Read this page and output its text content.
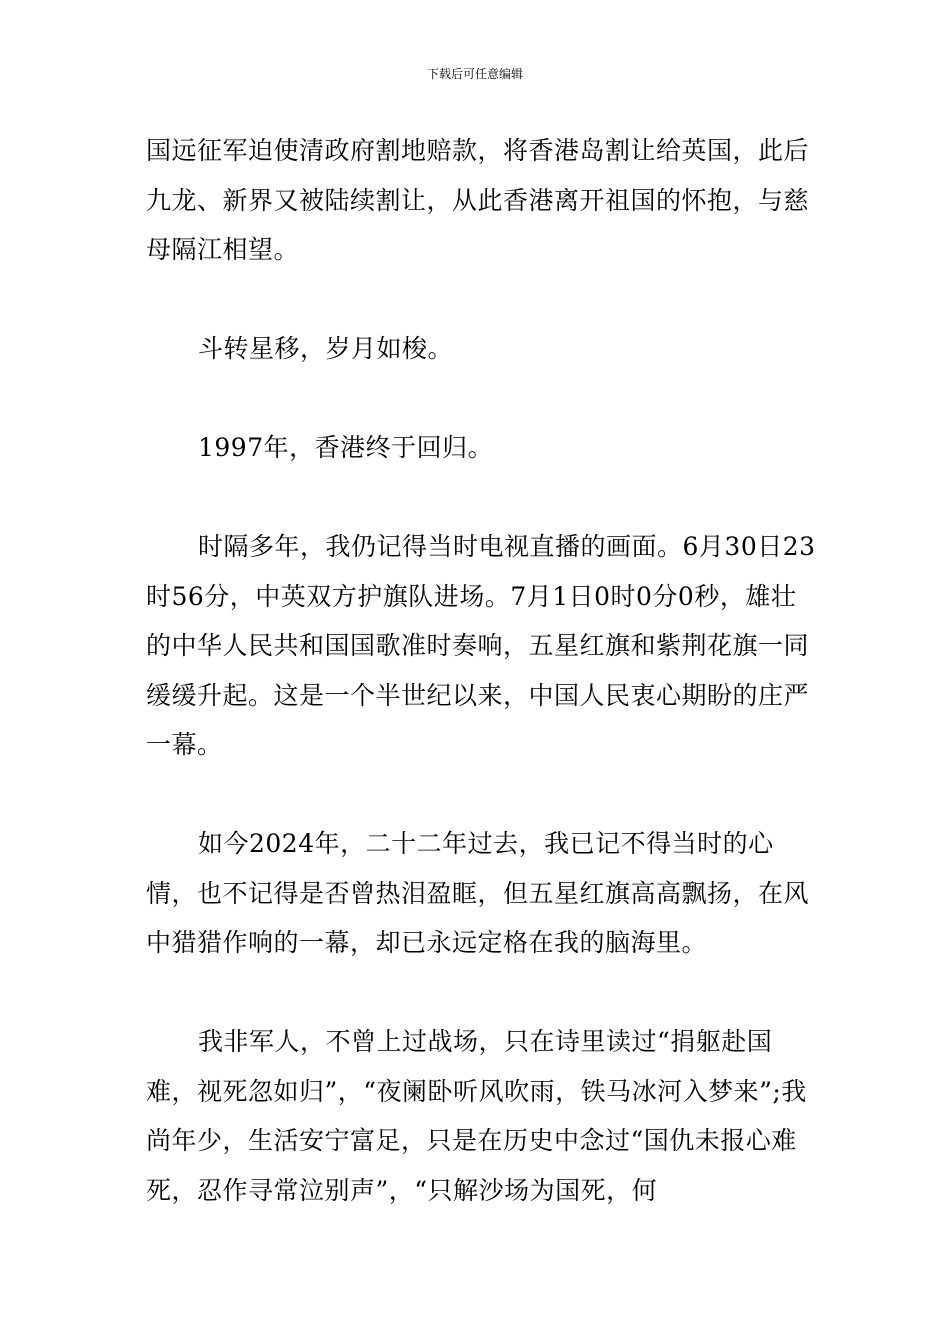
下载后可任意编辑

国远征军迫使清政府割地赔款，将香港岛割让给英国，此后九龙、新界又被陆续割让，从此香港离开祖国的怀抱，与慈母隔江相望。

斗转星移，岁月如梭。

1997年，香港终于回归。

时隔多年，我仍记得当时电视直播的画面。6月30日23时56分，中英双方护旗队进场。7月1日0时0分0秒，雄壮的中华人民共和国国歌准时奏响，五星红旗和紫荆花旗一同缓缓升起。这是一个半世纪以来，中国人民衷心期盼的庄严一幕。

如今2024年，二十二年过去，我已记不得当时的心情，也不记得是否曾热泪盈眶，但五星红旗高高飘扬，在风中猎猎作响的一幕，却已永远定格在我的脑海里。

我非军人，不曾上过战场，只在诗里读过“捐躯赴国难，视死忽如归”，“夜阑卧听风吹雨，铁马冰河入梦来”;我尚年少，生活安宁富足，只是在历史中念过“国仇未报心难死，忍作寻常泣别声”，“只解沙场为国死，何
